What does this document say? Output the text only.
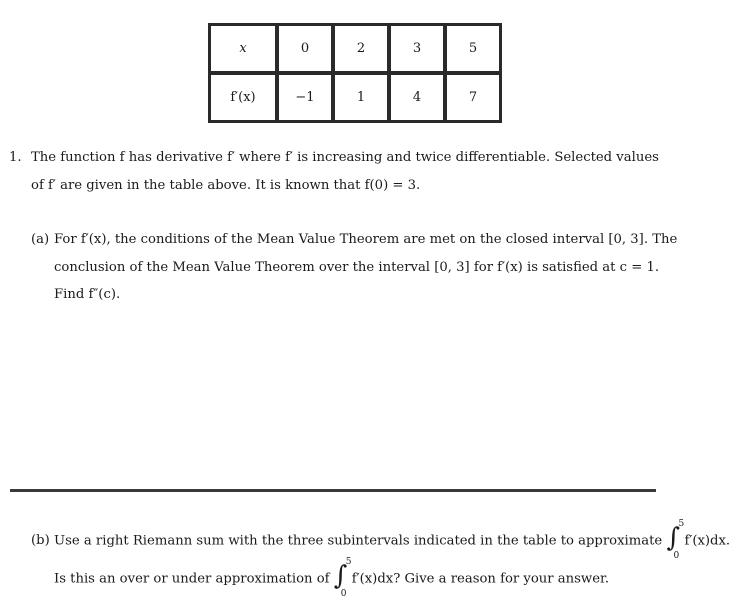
x	0	2	3	5
f′(x)	−1	1	4	7
1. The function f has derivative f′ where f′ is increasing and twice differentiable. Selected values
of f′ are given in the table above. It is known that f(0) = 3.
(a) For f′(x), the conditions of the Mean Value Theorem are met on the closed interval [0, 3]. The
conclusion of the Mean Value Theorem over the interval [0, 3] for f′(x) is satisfied at c = 1.
Find f″(c).
(b) Use a right Riemann sum with the three subintervals indicated in the table to approximate ∫
5
0
f′(x)dx.
Is this an over or under approximation of ∫
5
0
f′(x)dx? Give a reason for your answer.
